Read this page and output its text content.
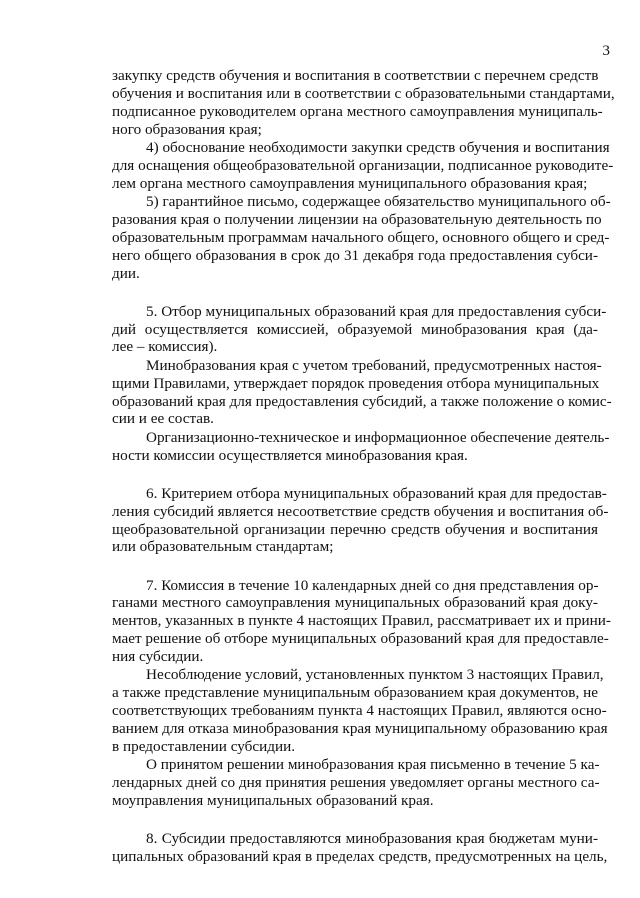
3
закупку средств обучения и воспитания в соответствии с перечнем средств
обучения и воспитания или в соответствии с образовательными стандартами,
подписанное руководителем органа местного самоуправления муниципаль-
ного образования края;
4) обоснование необходимости закупки средств обучения и воспитания
для оснащения общеобразовательной организации, подписанное руководите-
лем органа местного самоуправления муниципального образования края;
5) гарантийное письмо, содержащее обязательство муниципального об-
разования края о получении лицензии на образовательную деятельность по
образовательным программам начального общего, основного общего и сред-
него общего образования в срок до 31 декабря года предоставления субси-
дии.
5. Отбор муниципальных образований края для предоставления субси-
дий осуществляется комиссией, образуемой минобразования края (да-
лее – комиссия).
Минобразования края с учетом требований, предусмотренных настоя-
щими Правилами, утверждает порядок проведения отбора муниципальных
образований края для предоставления субсидий, а также положение о комис-
сии и ее состав.
Организационно-техническое и информационное обеспечение деятель-
ности комиссии осуществляется минобразования края.
6. Критерием отбора муниципальных образований края для предостав-
ления субсидий является несоответствие средств обучения и воспитания об-
щеобразовательной организации перечню средств обучения и воспитания
или образовательным стандартам;
7. Комиссия в течение 10 календарных дней со дня представления ор-
ганами местного самоуправления муниципальных образований края доку-
ментов, указанных в пункте 4 настоящих Правил, рассматривает их и прини-
мает решение об отборе муниципальных образований края для предоставле-
ния субсидии.
Несоблюдение условий, установленных пунктом 3 настоящих Правил,
а также представление муниципальным образованием края документов, не
соответствующих требованиям пункта 4 настоящих Правил, являются осно-
ванием для отказа минобразования края муниципальному образованию края
в предоставлении субсидии.
О принятом решении минобразования края письменно в течение 5 ка-
лендарных дней со дня принятия решения уведомляет органы местного са-
моуправления муниципальных образований края.
8. Субсидии предоставляются минобразования края бюджетам муни-
ципальных образований края в пределах средств, предусмотренных на цель,
